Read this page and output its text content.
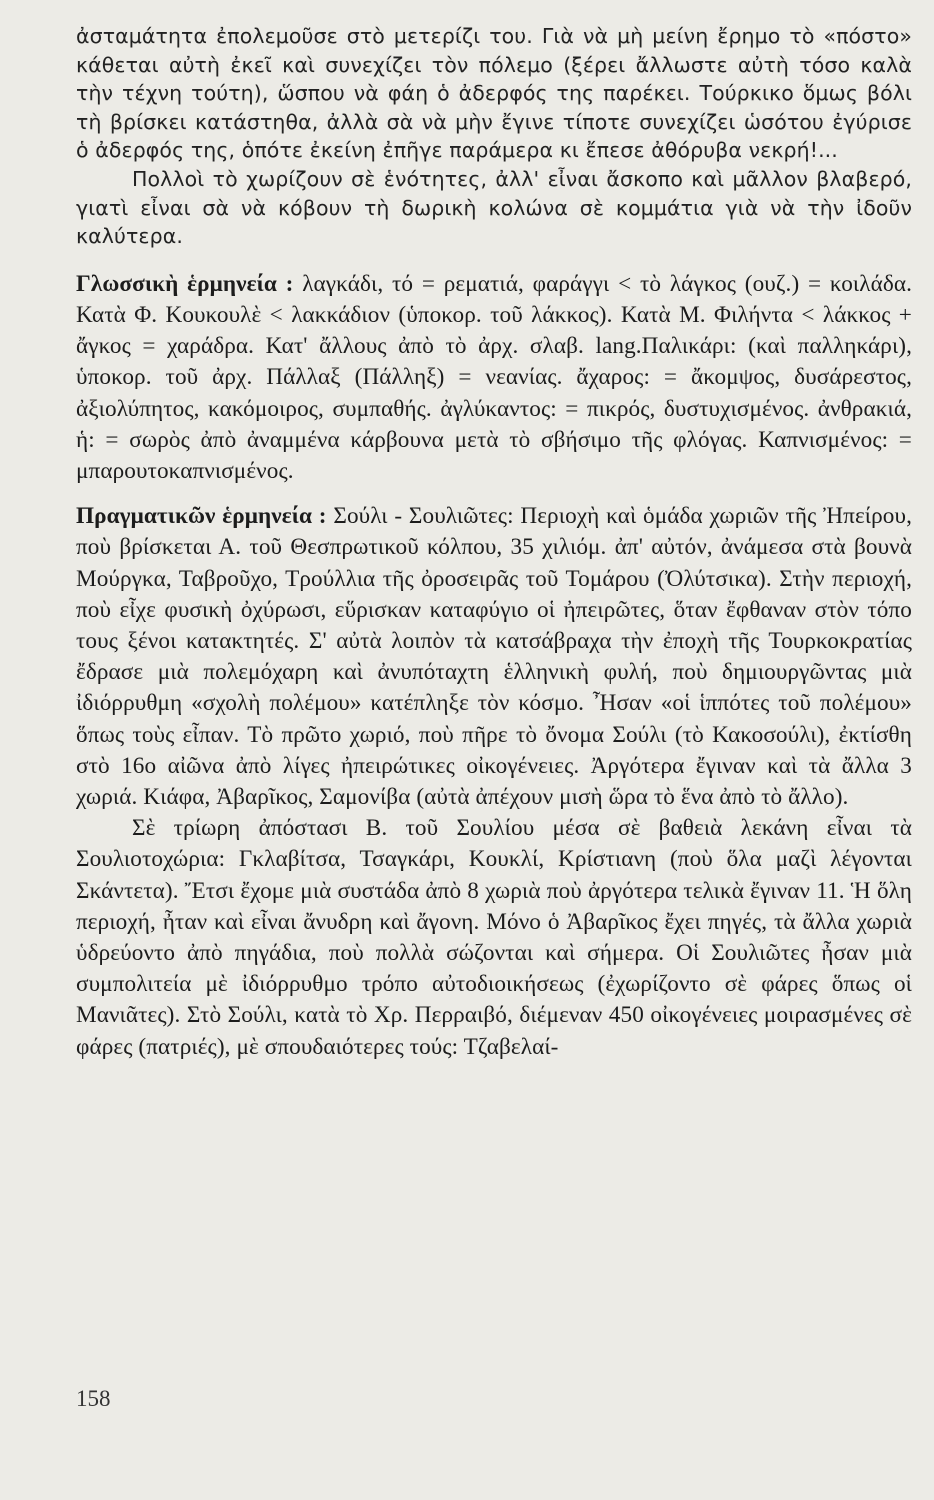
ἀσταμάτητα ἐπολεμοῦσε στὸ μετερίζι του. Γιὰ νὰ μὴ μείνη ἔρημο τὸ «πόστο» κάθεται αὐτὴ ἐκεῖ καὶ συνεχίζει τὸν πόλεμο (ξέρει ἄλλωστε αὐτὴ τόσο καλὰ τὴν τέχνη τούτη), ὥσπου νὰ φάη ὁ ἀδερφός της παρέκει. Τούρκικο ὅμως βόλι τὴ βρίσκει κατάστηθα, ἀλλὰ σὰ νὰ μὴν ἔγινε τίποτε συνεχίζει ὡσότου ἐγύρισε ὁ ἀδερφός της, ὁπότε ἐκείνη ἐπῆγε παράμερα κι ἔπεσε ἀθόρυβα νεκρή!...

Πολλοὶ τὸ χωρίζουν σὲ ἑνότητες, ἀλλ' εἶναι ἄσκοπο καὶ μᾶλλον βλαβερό, γιατὶ εἶναι σὰ νὰ κόβουν τὴ δωρικὴ κολώνα σὲ κομμάτια γιὰ νὰ τὴν ἰδοῦν καλύτερα.

Γλωσσικὴ ἑρμηνεία : λαγκάδι, τό = ρεματιά, φαράγγι < τὸ λάγκος (ουζ.) = κοιλάδα. Κατὰ Φ. Κουκουλὲ < λακκάδιον (ὑποκορ. τοῦ λάκκος). Κατὰ Μ. Φιλήντα < λάκκος + ἄγκος = χαράδρα. Κατ' ἄλλους ἀπὸ τὸ ἀρχ. σλαβ. lang.Παλικάρι: (καὶ παλληκάρι), ὑποκορ. τοῦ ἀρχ. Πάλλαξ (Πάλληξ) = νεανίας. ἄχαρος: = ἄκομψος, δυσάρεστος, ἀξιολύπητος, κακόμοιρος, συμπαθής. ἀγλύκαντος: = πικρός, δυστυχισμένος. ἀνθρακιά, ἡ: = σωρὸς ἀπὸ ἀναμμένα κάρβουνα μετὰ τὸ σβήσιμο τῆς φλόγας. Καπνισμένος: = μπαρουτοκαπνισμένος.

Πραγματικῶν ἑρμηνεία : Σούλι - Σουλιῶτες: Περιοχὴ καὶ ὁμάδα χωριῶν τῆς Ἠπείρου, ποὺ βρίσκεται Α. τοῦ Θεσπρωτικοῦ κόλπου, 35 χιλιόμ. ἀπ' αὐτόν, ἀνάμεσα στὰ βουνὰ Μούργκα, Ταβροῦχο, Τρούλλια τῆς ὀροσειρᾶς τοῦ Τομάρου (Ὀλύτσικα). Στὴν περιοχή, ποὺ εἶχε φυσικὴ ὀχύρωσι, εὕρισκαν καταφύγιο οἱ ἠπειρῶτες, ὅταν ἔφθαναν στὸν τόπο τους ξένοι κατακτητές. Σ' αὐτὰ λοιπὸν τὰ κατσάβραχα τὴν ἐποχὴ τῆς Τουρκοκρατίας ἔδρασε μιὰ πολεμόχαρη καὶ ἀνυπόταχτη ἑλληνικὴ φυλή, ποὺ δημιουργῶντας μιὰ ἰδιόρρυθμη «σχολὴ πολέμου» κατέπληξε τὸν κόσμο. Ἦσαν «οἱ ἱππότες τοῦ πολέμου» ὅπως τοὺς εἶπαν. Τὸ πρῶτο χωριό, ποὺ πῆρε τὸ ὄνομα Σούλι (τὸ Κακοσούλι), ἐκτίσθη στὸ 16ο αἰῶνα ἀπὸ λίγες ἠπειρώτικες οἰκογένειες. Ἀργότερα ἔγιναν καὶ τὰ ἄλλα 3 χωριά. Κιάφα, Ἀβαρῖκος, Σαμονίβα (αὐτὰ ἀπέχουν μισὴ ὥρα τὸ ἕνα ἀπὸ τὸ ἄλλο).

Σὲ τρίωρη ἀπόστασι Β. τοῦ Σουλίου μέσα σὲ βαθειὰ λεκάνη εἶναι τὰ Σουλιοτοχώρια: Γκλαβίτσα, Τσαγκάρι, Κουκλί, Κρίστιανη (ποὺ ὅλα μαζὶ λέγονται Σκάντετα). Ἔτσι ἔχομε μιὰ συστάδα ἀπὸ 8 χωριὰ ποὺ ἀργότερα τελικὰ ἔγιναν 11. Ἡ ὅλη περιοχή, ἦταν καὶ εἶναι ἄνυδρη καὶ ἄγονη. Μόνο ὁ Ἀβαρῖκος ἔχει πηγές, τὰ ἄλλα χωριὰ ὑδρεύοντο ἀπὸ πηγάδια, ποὺ πολλὰ σώζονται καὶ σήμερα. Οἱ Σουλιῶτες ἦσαν μιὰ συμπολιτεία μὲ ἰδιόρρυθμο τρόπο αὐτοδιοικήσεως (ἐχωρίζοντο σὲ φάρες ὅπως οἱ Μανιᾶτες). Στὸ Σούλι, κατὰ τὸ Χρ. Περραιβό, διέμεναν 450 οἰκογένειες μοιρασμένες σὲ φάρες (πατριές), μὲ σπουδαιότερες τούς: Τζαβελαί-

158
